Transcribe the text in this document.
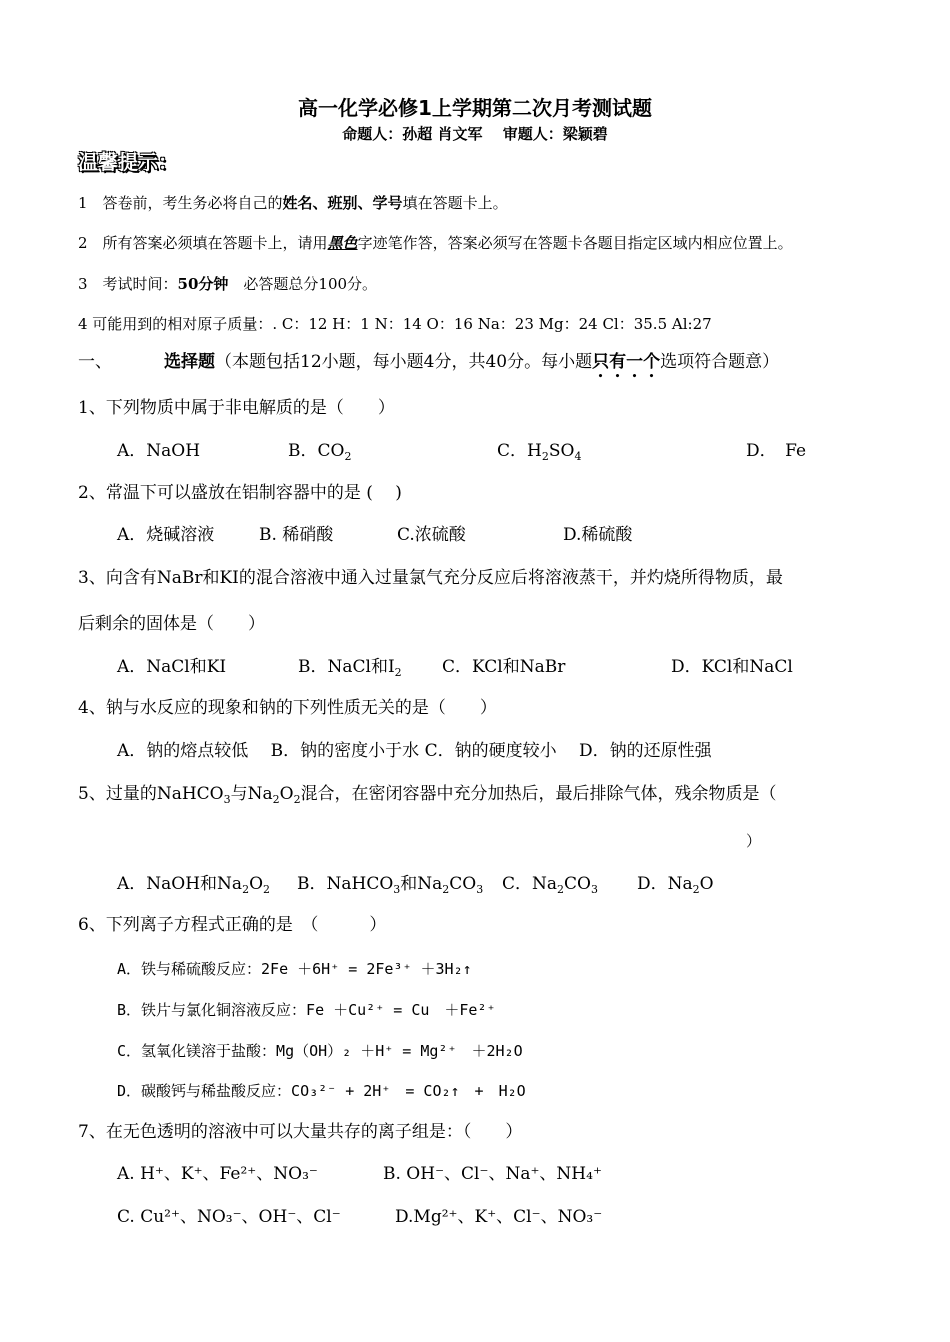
高一化学必修1上学期第二次月考测试题
命题人：孙超 肖文军　 审题人：梁颖碧
温馨提示：
1　答卷前，考生务必将自己的姓名、班别、学号填在答题卡上。
2　所有答案必须填在答题卡上，请用黑色字迹笔作答，答案必须写在答题卡各题目指定区域内相应位置上。
3　考试时间：50分钟　必答题总分100分。
4 可能用到的相对原子质量：. C：12 H：1 N：14 O：16 Na：23 Mg：24 Cl：35.5 Al:27
一、	选择题（本题包括12小题，每小题4分，共40分。每小题只有一个选项符合题意）
1、下列物质中属于非电解质的是（　　）
A．NaOH	B．$CO_2$	C．$H_2SO_4$	D．　Fe
2、常温下可以盛放在铝制容器中的是 (　 )
A．烧碱溶液	B. 稀硝酸	C.浓硫酸	D.稀硫酸
3、向含有NaBr和KI的混合溶液中通入过量氯气充分反应后将溶液蒸干，并灼烧所得物质，最
后剩余的固体是（　　）
A．NaCl和KI	B．NaCl和$I_2$ C．KCl和NaBr	D．KCl和NaCl
4、钠与水反应的现象和钠的下列性质无关的是（　　）
A．钠的熔点较低　 B．钠的密度小于水 C．钠的硬度较小　 D．钠的还原性强
5、过量的NaHCO$_3$与$Na_2O_2$混合，在密闭容器中充分加热后，最后排除气体，残余物质是（
）
A．NaOH和$Na_2O_2$ B．NaHCO$_3$和$Na_2CO_3$ C．$Na_2CO_3$ D．$Na_2O$
6、下列离子方程式正确的是　（　　　）
A．铁与稀硫酸反应：2Fe ＋6H⁺ = 2Fe³⁺ ＋3H₂↑
B．铁片与氯化铜溶液反应：Fe ＋Cu²⁺ = Cu　＋Fe²⁺
C．氢氧化镁溶于盐酸：Mg（OH）₂ ＋H⁺ = Mg²⁺　＋2H₂O
D．碳酸钙与稀盐酸反应：CO₃²⁻ + 2H⁺　= CO₂↑　+　H₂O
7、在无色透明的溶液中可以大量共存的离子组是：（　　）
A. H⁺、K⁺、Fe²⁺、NO₃⁻	B. OH⁻、Cl⁻、Na⁺、NH₄⁺
C. Cu²⁺、NO₃⁻、OH⁻、Cl⁻	D.Mg²⁺、K⁺、Cl⁻、NO₃⁻
